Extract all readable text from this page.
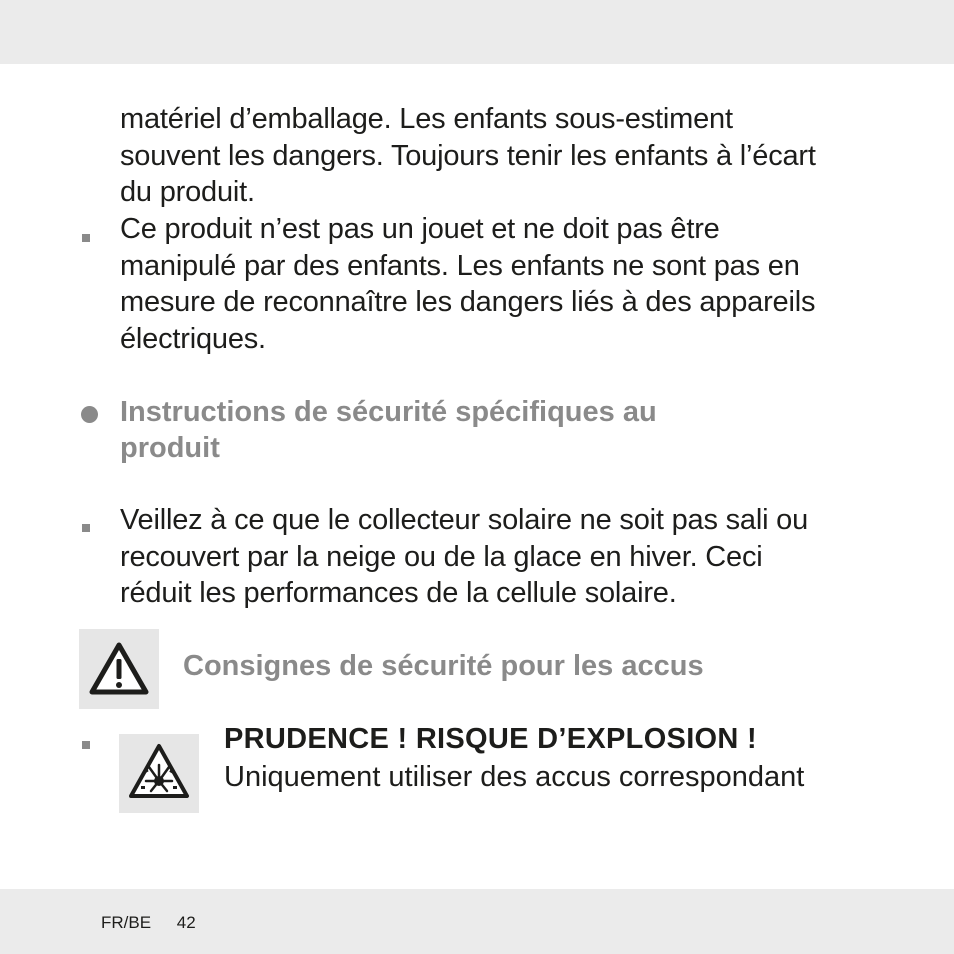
matériel d’emballage. Les enfants sous-estiment
souvent les dangers. Toujours tenir les enfants à l’écart
du produit.
Ce produit n’est pas un jouet et ne doit pas être
manipulé par des enfants. Les enfants ne sont pas en
mesure de reconnaître les dangers liés à des appareils
électriques.
Instructions de sécurité spécifiques au
produit
Veillez à ce que le collecteur solaire ne soit pas sali ou
recouvert par la neige ou de la glace en hiver. Ceci
réduit les performances de la cellule solaire.
Consignes de sécurité pour les accus
PRUDENCE ! RISQUE D’EXPLOSION !
Uniquement utiliser des accus correspondant
FR/BE 42
